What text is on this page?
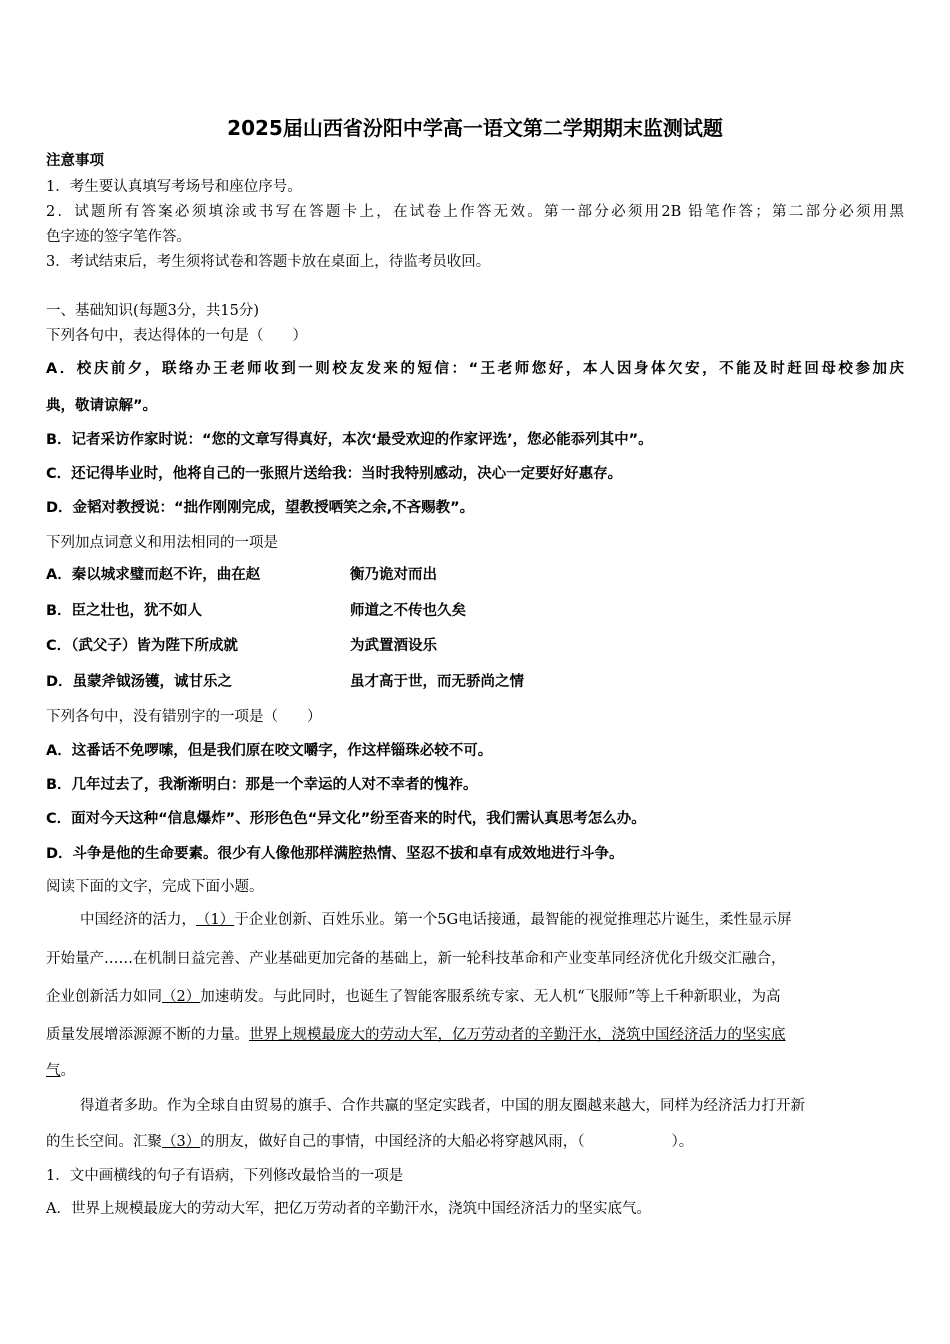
2025届山西省汾阳中学高一语文第二学期期末监测试题
注意事项
1．考生要认真填写考场号和座位序号。
2．试题所有答案必须填涂或书写在答题卡上，在试卷上作答无效。第一部分必须用2B 铅笔作答；第二部分必须用黑
色字迹的签字笔作答。
3．考试结束后，考生须将试卷和答题卡放在桌面上，待监考员收回。
一、基础知识(每题3分，共15分)
下列各句中，表达得体的一句是（　　）
A．校庆前夕，联络办王老师收到一则校友发来的短信：“王老师您好，本人因身体欠安，不能及时赶回母校参加庆
典，敬请谅解”。
B．记者采访作家时说：“您的文章写得真好，本次‘最受欢迎的作家评选’，您必能忝列其中”。
C．还记得毕业时，他将自己的一张照片送给我：当时我特别感动，决心一定要好好惠存。
D．金韬对教授说：“拙作刚刚完成，望教授哂笑之余,不吝赐教”。
下列加点词意义和用法相同的一项是
A．秦以城求璧而赵不许，曲在赵	衡乃诡对而出
B．臣之壮也，犹不如人	师道之不传也久矣
C．（武父子）皆为陛下所成就	为武置酒设乐
D．虽蒙斧钺汤镬，诚甘乐之	虽才高于世，而无骄尚之情
下列各句中，没有错别字的一项是（　　）
A．这番话不免啰嗦，但是我们原在咬文嚼字，作这样锱珠必较不可。
B．几年过去了，我渐渐明白：那是一个幸运的人对不幸者的愧祚。
C．面对今天这种“信息爆炸”、形形色色“异文化”纷至沓来的时代，我们需认真思考怎么办。
D．斗争是他的生命要素。很少有人像他那样满腔热情、坚忍不拔和卓有成效地进行斗争。
阅读下面的文字，完成下面小题。
中国经济的活力，（1）于企业创新、百姓乐业。第一个5G电话接通，最智能的视觉推理芯片诞生，柔性显示屏
开始量产……在机制日益完善、产业基础更加完备的基础上，新一轮科技革命和产业变革同经济优化升级交汇融合，
企业创新活力如同（2）加速萌发。与此同时，也诞生了智能客服系统专家、无人机“飞服师”等上千种新职业，为高
质量发展增添源源不断的力量。世界上规模最庞大的劳动大军，亿万劳动者的辛勤汗水，浇筑中国经济活力的坚实底
气。
得道者多助。作为全球自由贸易的旗手、合作共赢的坚定实践者，中国的朋友圈越来越大，同样为经济活力打开新
的生长空间。汇聚（3）的朋友，做好自己的事情，中国经济的大船必将穿越风雨，（　　　　　　）。
1．文中画横线的句子有语病，下列修改最恰当的一项是
A．世界上规模最庞大的劳动大军，把亿万劳动者的辛勤汗水，浇筑中国经济活力的坚实底气。
